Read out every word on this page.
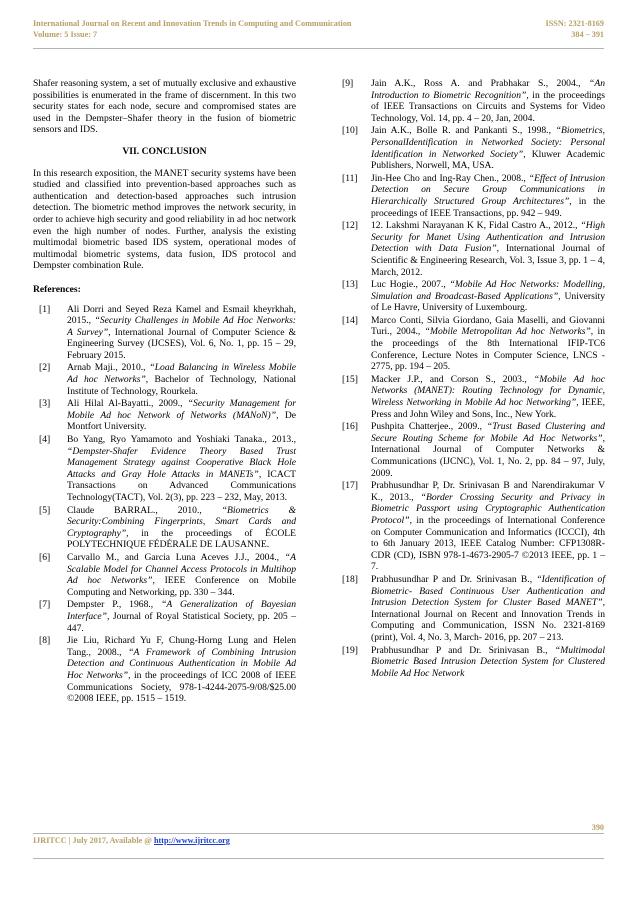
International Journal on Recent and Innovation Trends in Computing and Communication	ISSN: 2321-8169
Volume: 5 Issue: 7	384 – 391

Shafer reasoning system, a set of mutually exclusive and exhaustive possibilities is enumerated in the frame of discernment. In this two security states for each node, secure and compromised states are used in the Dempster–Shafer theory in the fusion of biometric sensors and IDS.

VII. CONCLUSION

In this research exposition, the MANET security systems have been studied and classified into prevention-based approaches such as authentication and detection-based approaches such intrusion detection. The biometric method improves the network security, in order to achieve high security and good reliability in ad hoc network even the high number of nodes. Further, analysis the existing multimodal biometric based IDS system, operational modes of multimodal biometric systems, data fusion, IDS protocol and Dempster combination Rule.

References:
[1]	Ali Dorri and Seyed Reza Kamel and Esmail kheyrkhah, 2015., “Security Challenges in Mobile Ad Hoc Networks: A Survey”, International Journal of Computer Science & Engineering Survey (IJCSES), Vol. 6, No. 1, pp. 15 – 29, February 2015.
[2]	Arnab Maji., 2010., “Load Balancing in Wireless Mobile Ad hoc Networks”, Bachelor of Technology, National Institute of Technology, Rourkela.
[3]	Ali Hilal Al-Bayatti., 2009., “Security Management for Mobile Ad hoc Network of Networks (MANoN)”, De Montfort University.
[4]	Bo Yang, Ryo Yamamoto and Yoshiaki Tanaka., 2013., “Dempster-Shafer Evidence Theory Based Trust Management Strategy against Cooperative Black Hole Attacks and Gray Hole Attacks in MANETs”, ICACT Transactions on Advanced Communications Technology(TACT), Vol. 2(3), pp. 223 – 232, May, 2013.
[5]	Claude BARRAL., 2010., “Biometrics & Security:Combining Fingerprints, Smart Cards and Cryptography”, in the proceedings of ÉCOLE POLYTECHNIQUE FÉDÉRALE DE LAUSANNE.
[6]	Carvallo M., and Garcia Luna Aceves J.J., 2004., “A Scalable Model for Channel Access Protocols in Multihop Ad hoc Networks”, IEEE Conference on Mobile Computing and Networking, pp. 330 – 344.
[7]	Dempster P., 1968., “A Generalization of Bayesian Interface”, Journal of Royal Statistical Society, pp. 205 – 447.
[8]	Jie Liu, Richard Yu F, Chung-Horng Lung and Helen Tang., 2008., “A Framework of Combining Intrusion Detection and Continuous Authentication in Mobile Ad Hoc Networks”, in the proceedings of ICC 2008 of IEEE Communications Society, 978-1-4244-2075-9/08/$25.00 ©2008 IEEE, pp. 1515 – 1519.
[9]	Jain A.K., Ross A. and Prabhakar S., 2004., “An Introduction to Biometric Recognition”, in the proceedings of IEEE Transactions on Circuits and Systems for Video Technology, Vol. 14, pp. 4 – 20, Jan, 2004.
[10]	Jain A.K., Bolle R. and Pankanti S., 1998., “Biometrics, PersonalIdentification in Networked Society: Personal Identification in Networked Society”, Kluwer Academic Publishers, Norwell, MA, USA.
[11]	Jin-Hee Cho and Ing-Ray Chen., 2008., “Effect of Intrusion Detection on Secure Group Communications in Hierarchically Structured Group Architectures”, in the proceedings of IEEE Transactions, pp. 942 – 949.
[12]	12. Lakshmi Narayanan K K, Fidal Castro A., 2012., “High Security for Manet Using Authentication and Intrusion Detection with Data Fusion”, International Journal of Scientific & Engineering Research, Vol. 3, Issue 3, pp. 1 – 4, March, 2012.
[13]	Luc Hogie., 2007., “Mobile Ad Hoc Networks: Modelling, Simulation and Broadcast-Based Applications”, University of Le Havre, University of Luxembourg.
[14]	Marco Conti, Silvia Giordano, Gaia Maselli, and Giovanni Turi., 2004., “Mobile Metropolitan Ad hoc Networks”, in the proceedings of the 8th International IFIP-TC6 Conference, Lecture Notes in Computer Science, LNCS - 2775, pp. 194 – 205.
[15]	Macker J.P., and Corson S., 2003., “Mobile Ad hoc Networks (MANET): Routing Technology for Dynamic, Wireless Networking in Mobile Ad hoc Networking”, IEEE, Press and John Wiley and Sons, Inc., New York.
[16]	Pushpita Chatterjee., 2009., “Trust Based Clustering and Secure Routing Scheme for Mobile Ad Hoc Networks”, International Journal of Computer Networks & Communications (IJCNC), Vol. 1, No. 2, pp. 84 – 97, July, 2009.
[17]	Prabhusundhar P, Dr. Srinivasan B and Narendirakumar V K., 2013., “Border Crossing Security and Privacy in Biometric Passport using Cryptographic Authentication Protocol”, in the proceedings of International Conference on Computer Communication and Informatics (ICCCI), 4th to 6th January 2013, IEEE Catalog Number: CFP1308R-CDR (CD), ISBN 978-1-4673-2905-7 ©2013 IEEE, pp. 1 – 7.
[18]	Prabhusundhar P and Dr. Srinivasan B., “Identification of Biometric- Based Continuous User Authentication and Intrusion Detection System for Cluster Based MANET”, International Journal on Recent and Innovation Trends in Computing and Communication, ISSN No. 2321-8169 (print), Vol. 4, No. 3, March- 2016, pp. 207 – 213.
[19]	Prabhusundhar P and Dr. Srinivasan B., “Multimodal Biometric Based Intrusion Detection System for Clustered Mobile Ad Hoc Network
390
IJRITCC | July 2017, Available @ http://www.ijritcc.org
